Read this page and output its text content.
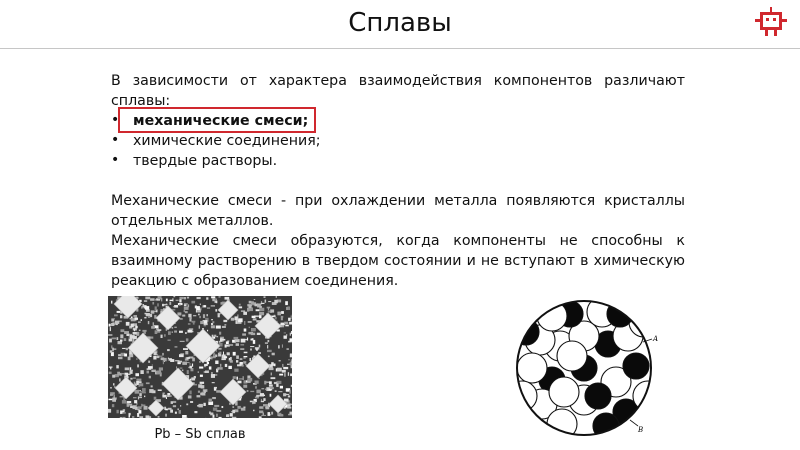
Сплавы

В зависимости от характера взаимодействия компонентов различают сплавы:

• механические смеси;
• химические соединения;
• твердые растворы.

Механические смеси - при охлаждении металла появляются кристаллы отдельных металлов.

Механические смеси образуются, когда компоненты не способны к взаимному растворению в твердом состоянии и не вступают в химическую реакцию с образованием соединения.

Pb – Sb сплав
A
B
